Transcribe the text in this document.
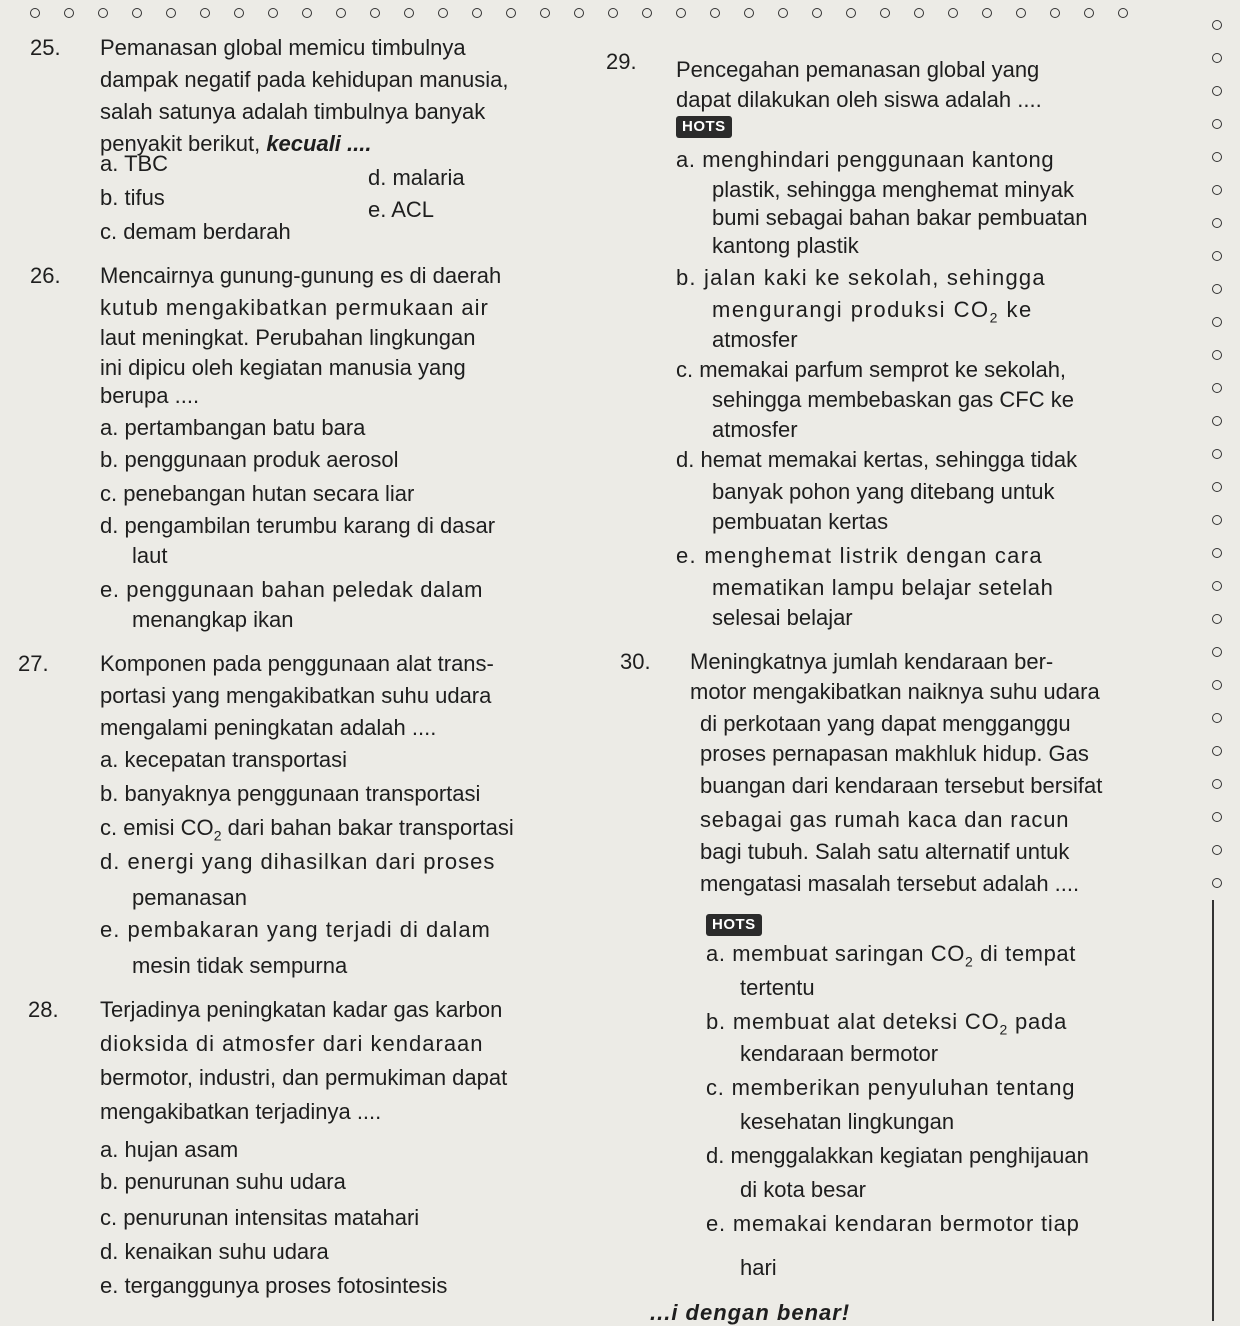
25. Pemanasan global memicu timbulnya
dampak negatif pada kehidupan manusia,
salah satunya adalah timbulnya banyak
penyakit berikut, kecuali ....
a. TBC
d. malaria
b. tifus	e. ACL
c. demam berdarah
26. Mencairnya gunung-gunung es di daerah
kutub mengakibatkan permukaan air
laut meningkat. Perubahan lingkungan
ini dipicu oleh kegiatan manusia yang
berupa ....
a. pertambangan batu bara
b. penggunaan produk aerosol
c. penebangan hutan secara liar
d. pengambilan terumbu karang di dasar
laut
e. penggunaan bahan peledak dalam
menangkap ikan
27. Komponen pada penggunaan alat trans-
portasi yang mengakibatkan suhu udara
mengalami peningkatan adalah ....
a. kecepatan transportasi
b. banyaknya penggunaan transportasi
c. emisi $CO_2$ dari bahan bakar transportasi
d. energi yang dihasilkan dari proses
pemanasan
e. pembakaran yang terjadi di dalam
mesin tidak sempurna
28. Terjadinya peningkatan kadar gas karbon
dioksida di atmosfer dari kendaraan
bermotor, industri, dan permukiman dapat
mengakibatkan terjadinya ....
a. hujan asam
b. penurunan suhu udara
c. penurunan intensitas matahari
d. kenaikan suhu udara
e. terganggunya proses fotosintesis
29. Pencegahan pemanasan global yang
dapat dilakukan oleh siswa adalah ....
HOTS
a. menghindari penggunaan kantong
plastik, sehingga menghemat minyak
bumi sebagai bahan bakar pembuatan
kantong plastik
b. jalan kaki ke sekolah, sehingga
mengurangi produksi $CO_2$ ke
atmosfer
c. memakai parfum semprot ke sekolah,
sehingga membebaskan gas CFC ke
atmosfer
d. hemat memakai kertas, sehingga tidak
banyak pohon yang ditebang untuk
pembuatan kertas
e. menghemat listrik dengan cara
mematikan lampu belajar setelah
selesai belajar
30. Meningkatnya jumlah kendaraan ber-
motor mengakibatkan naiknya suhu udara
di perkotaan yang dapat mengganggu
proses pernapasan makhluk hidup. Gas
buangan dari kendaraan tersebut bersifat
sebagai gas rumah kaca dan racun
bagi tubuh. Salah satu alternatif untuk
mengatasi masalah tersebut adalah ....
HOTS
a. membuat saringan $CO_2$ di tempat
tertentu
b. membuat alat deteksi $CO_2$ pada
kendaraan bermotor
c. memberikan penyuluhan tentang
kesehatan lingkungan
d. menggalakkan kegiatan penghijauan
di kota besar
e. memakai kendaran bermotor tiap
hari
...i dengan benar!
